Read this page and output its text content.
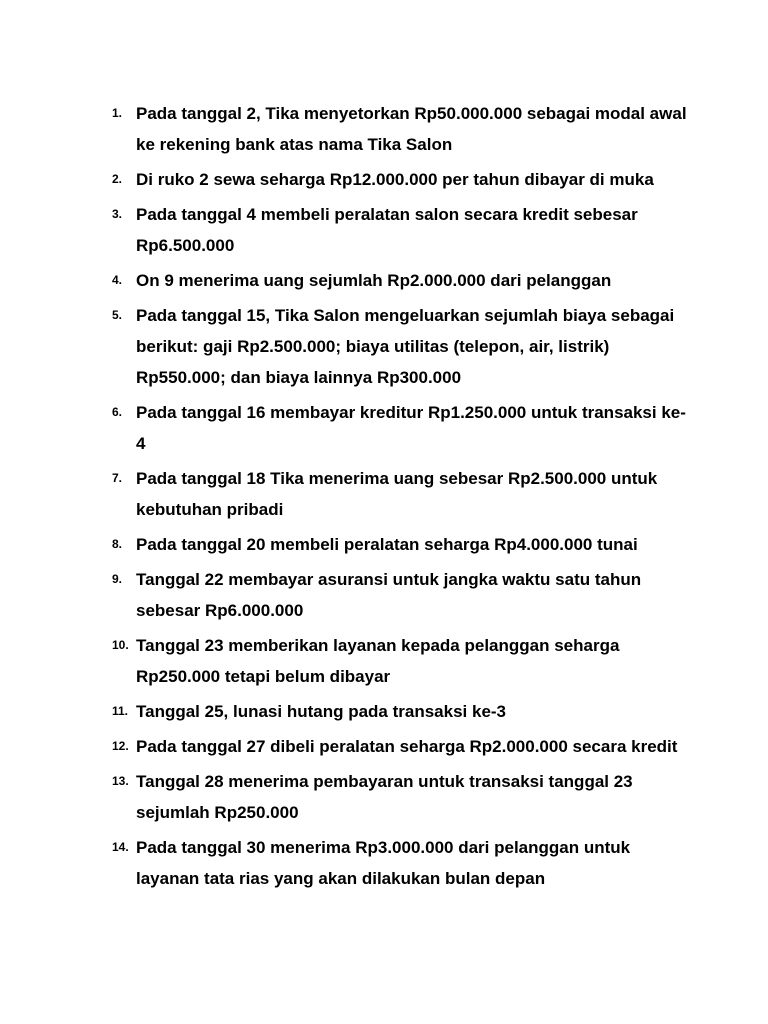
1. Pada tanggal 2, Tika menyetorkan Rp50.000.000 sebagai modal awal ke rekening bank atas nama Tika Salon
2. Di ruko 2 sewa seharga Rp12.000.000 per tahun dibayar di muka
3. Pada tanggal 4 membeli peralatan salon secara kredit sebesar Rp6.500.000
4. On 9 menerima uang sejumlah Rp2.000.000 dari pelanggan
5. Pada tanggal 15, Tika Salon mengeluarkan sejumlah biaya sebagai berikut: gaji Rp2.500.000; biaya utilitas (telepon, air, listrik) Rp550.000; dan biaya lainnya Rp300.000
6. Pada tanggal 16 membayar kreditur Rp1.250.000 untuk transaksi ke-4
7. Pada tanggal 18 Tika menerima uang sebesar Rp2.500.000 untuk kebutuhan pribadi
8. Pada tanggal 20 membeli peralatan seharga Rp4.000.000 tunai
9. Tanggal 22 membayar asuransi untuk jangka waktu satu tahun sebesar Rp6.000.000
10. Tanggal 23 memberikan layanan kepada pelanggan seharga Rp250.000 tetapi belum dibayar
11. Tanggal 25, lunasi hutang pada transaksi ke-3
12. Pada tanggal 27 dibeli peralatan seharga Rp2.000.000 secara kredit
13. Tanggal 28 menerima pembayaran untuk transaksi tanggal 23 sejumlah Rp250.000
14. Pada tanggal 30 menerima Rp3.000.000 dari pelanggan untuk layanan tata rias yang akan dilakukan bulan depan
